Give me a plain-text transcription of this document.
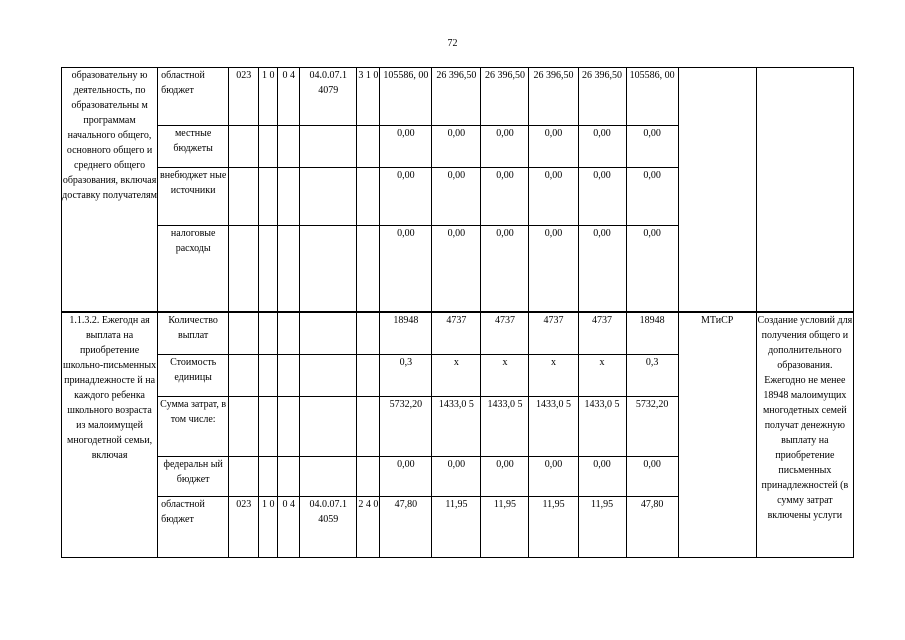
72
образовательну ю деятельность, по образовательны м программам начального общего, основного общего и среднего общего образования, включая доставку получателям	областной бюджет	023	1 0	0 4	04.0.07.1 4079	3 1 0	105586, 00	26 396,50	26 396,50	26 396,50	26 396,50	105586, 00		
	местные бюджеты						0,00	0,00	0,00	0,00	0,00	0,00		
	внебюджет ные источники						0,00	0,00	0,00	0,00	0,00	0,00		
	налоговые расходы						0,00	0,00	0,00	0,00	0,00	0,00		
1.1.3.2. Ежегодн ая выплата на приобретение школьно-письменных принадлежносте й на каждого ребенка школьного возраста из малоимущей многодетной семьи, включая	Количество выплат						18948	4737	4737	4737	4737	18948	МТиСР	Создание условий для получения общего и дополнительного образования. Ежегодно не менее 18948 малоимущих многодетных семей получат денежную выплату на приобретение письменных принадлежностей (в сумму затрат включены услуги
	Стоимость единицы						0,3	х	х	х	х	0,3		
	Сумма затрат, в том числе:						5732,20	1433,0 5	1433,0 5	1433,0 5	1433,0 5	5732,20		
	федеральн ый бюджет						0,00	0,00	0,00	0,00	0,00	0,00		
	областной бюджет	023	1 0	0 4	04.0.07.1 4059	2 4 0	47,80	11,95	11,95	11,95	11,95	47,80		
